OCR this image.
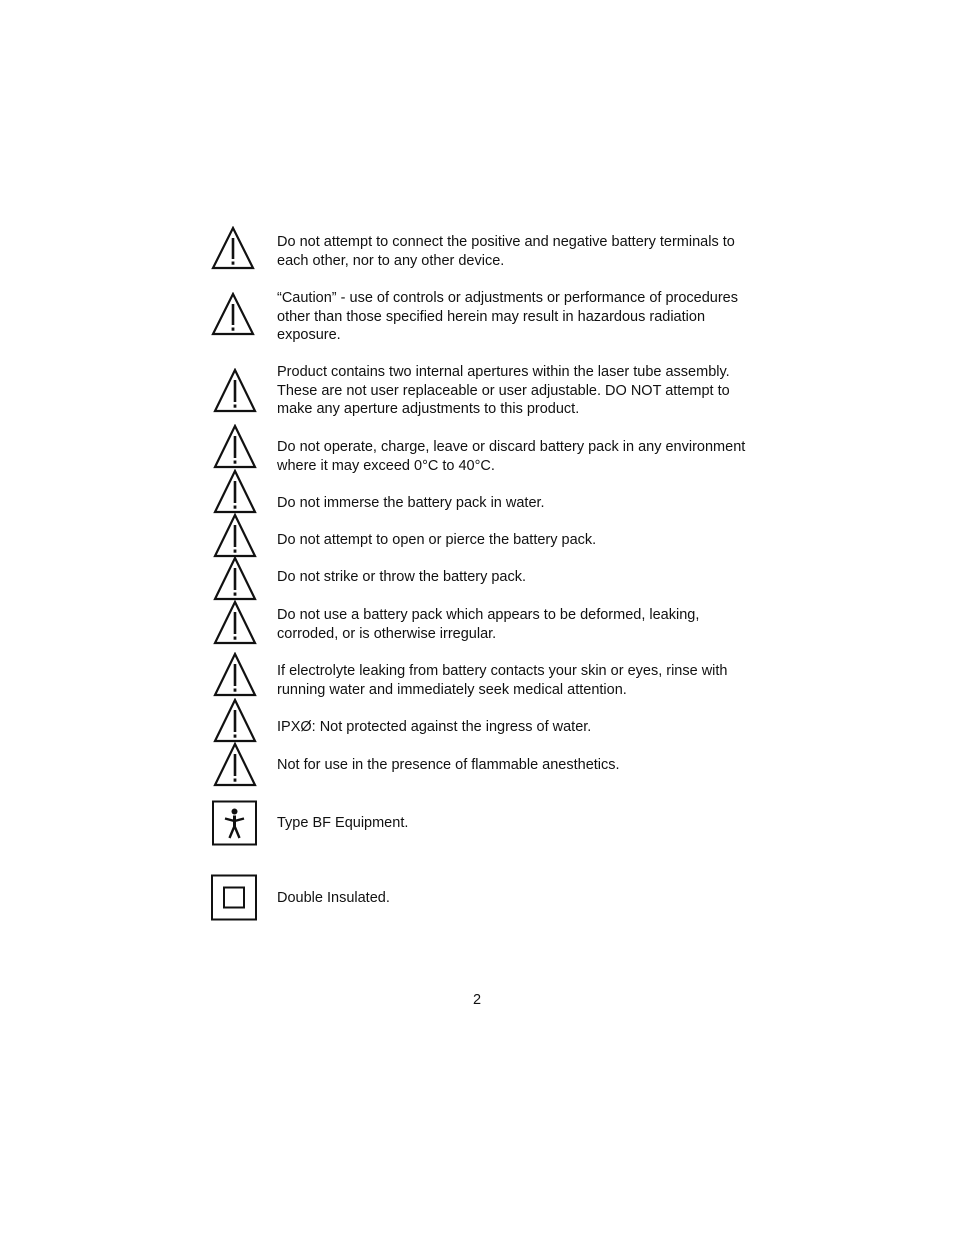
Do not attempt to connect the positive and negative battery terminals to each other, nor to any other device.

“Caution” - use of controls or adjustments or performance of procedures other than those specified herein may result in hazardous radiation exposure.

Product contains two internal apertures within the laser tube assembly. These are not user replaceable or user adjustable. DO NOT attempt to make any aperture adjustments to this product.

Do not operate, charge, leave or discard battery pack in any environment where it may exceed 0°C to 40°C.

Do not immerse the battery pack in water.

Do not attempt to open or pierce the battery pack.

Do not strike or throw the battery pack.

Do not use a battery pack which appears to be deformed, leaking, corroded, or is otherwise irregular.

If electrolyte leaking from battery contacts your skin or eyes, rinse with running water and immediately seek medical attention.

IPXØ: Not protected against the ingress of water.

Not for use in the presence of flammable anesthetics.

Type BF Equipment.

Double Insulated.

2
